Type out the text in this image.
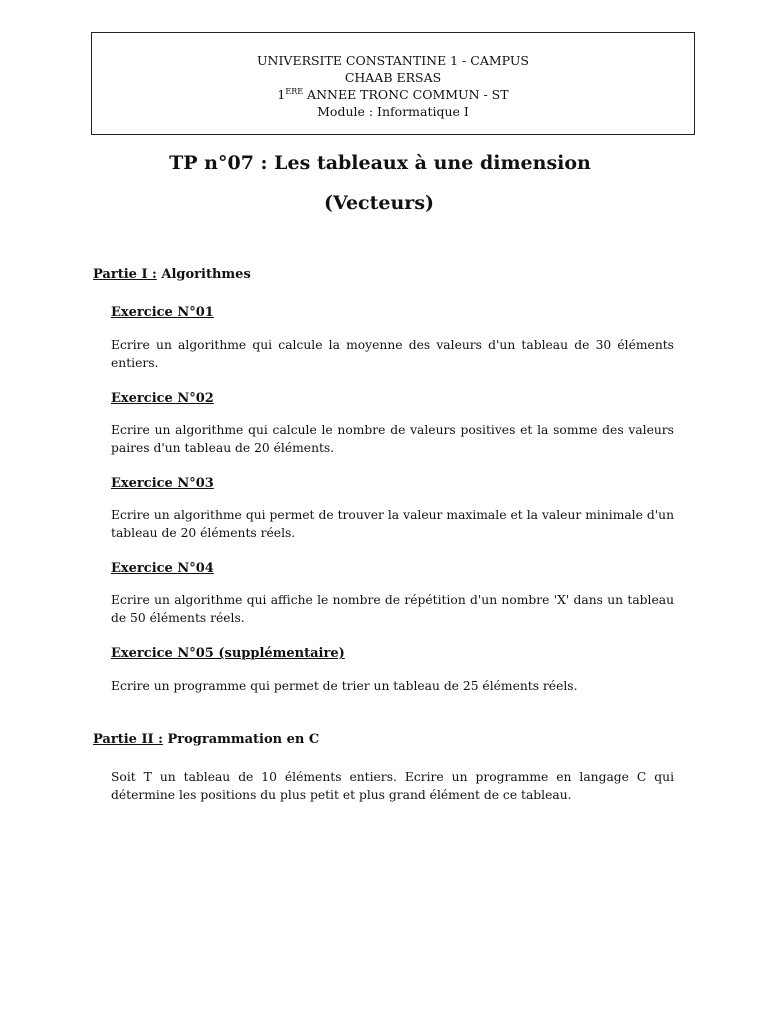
UNIVERSITE CONSTANTINE 1 - CAMPUS
CHAAB ERSAS
1ERE ANNEE TRONC COMMUN - ST
Module : Informatique I
TP n°07 : Les tableaux à une dimension
(Vecteurs)
Partie I : Algorithmes
Exercice N°01
Ecrire un algorithme qui calcule la moyenne des valeurs d'un tableau de 30 éléments entiers.
Exercice N°02
Ecrire un algorithme qui calcule le nombre de valeurs positives et la somme des valeurs paires d'un tableau de 20 éléments.
Exercice N°03
Ecrire un algorithme qui permet de trouver la valeur maximale et la valeur minimale d'un tableau de 20 éléments réels.
Exercice N°04
Ecrire un algorithme qui affiche le nombre de répétition d'un nombre 'X' dans un tableau de 50 éléments réels.
Exercice N°05 (supplémentaire)
Ecrire un programme qui permet de trier un tableau de 25 éléments réels.
Partie II : Programmation en C
Soit T un tableau de 10 éléments entiers. Ecrire un programme en langage C qui détermine les positions du plus petit et plus grand élément de ce tableau.
